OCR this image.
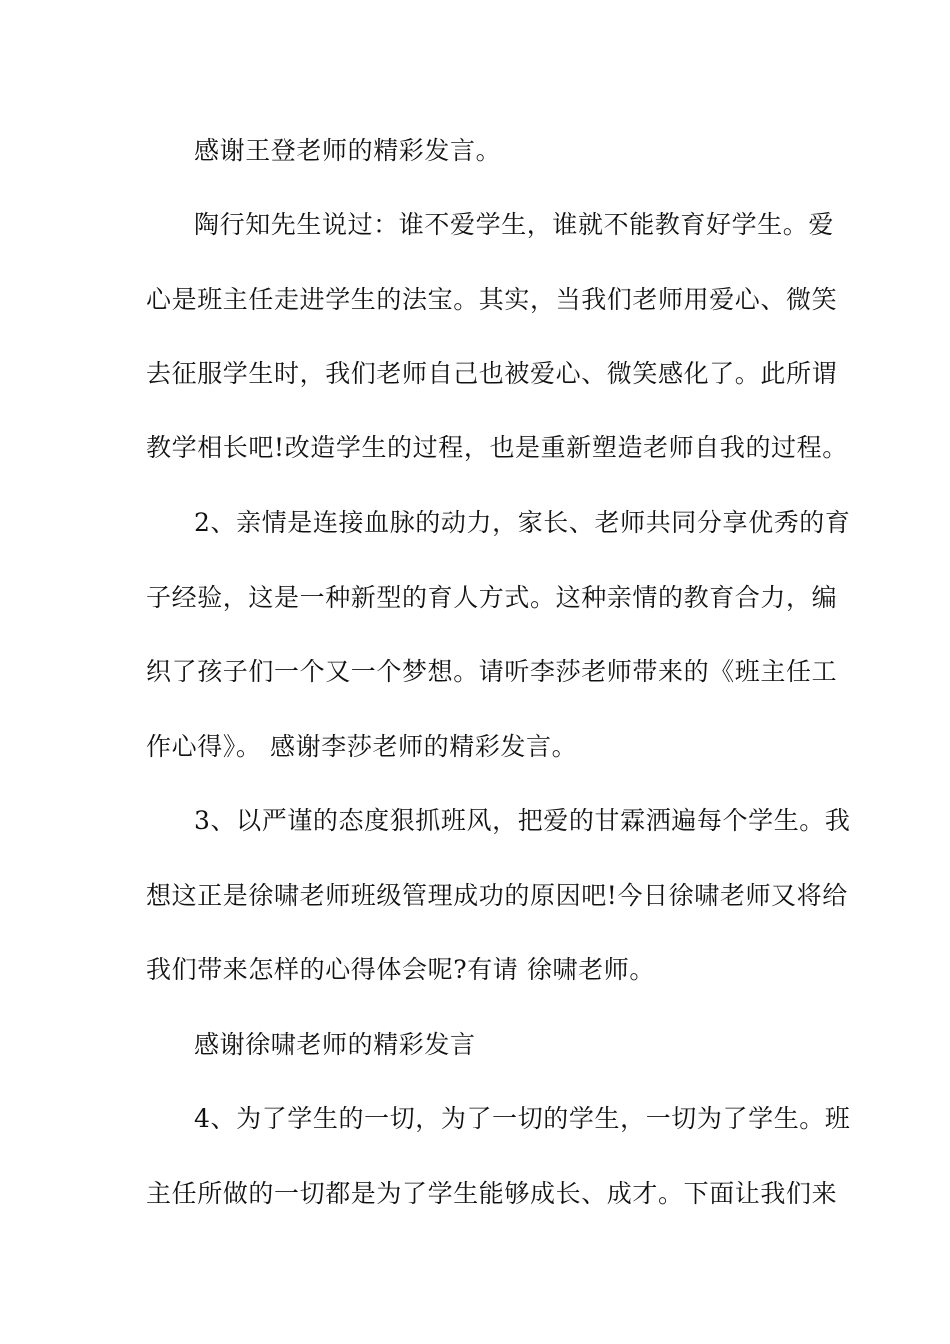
感谢王登老师的精彩发言。
陶行知先生说过：谁不爱学生，谁就不能教育好学生。爱
心是班主任走进学生的法宝。其实，当我们老师用爱心、微笑
去征服学生时，我们老师自己也被爱心、微笑感化了。此所谓
教学相长吧!改造学生的过程，也是重新塑造老师自我的过程。
2、亲情是连接血脉的动力，家长、老师共同分享优秀的育
子经验，这是一种新型的育人方式。这种亲情的教育合力，编
织了孩子们一个又一个梦想。请听李莎老师带来的《班主任工
作心得》。 感谢李莎老师的精彩发言。
3、以严谨的态度狠抓班风，把爱的甘霖洒遍每个学生。我
想这正是徐啸老师班级管理成功的原因吧!今日徐啸老师又将给
我们带来怎样的心得体会呢?有请 徐啸老师。
感谢徐啸老师的精彩发言
4、为了学生的一切，为了一切的学生，一切为了学生。班
主任所做的一切都是为了学生能够成长、成才。下面让我们来
